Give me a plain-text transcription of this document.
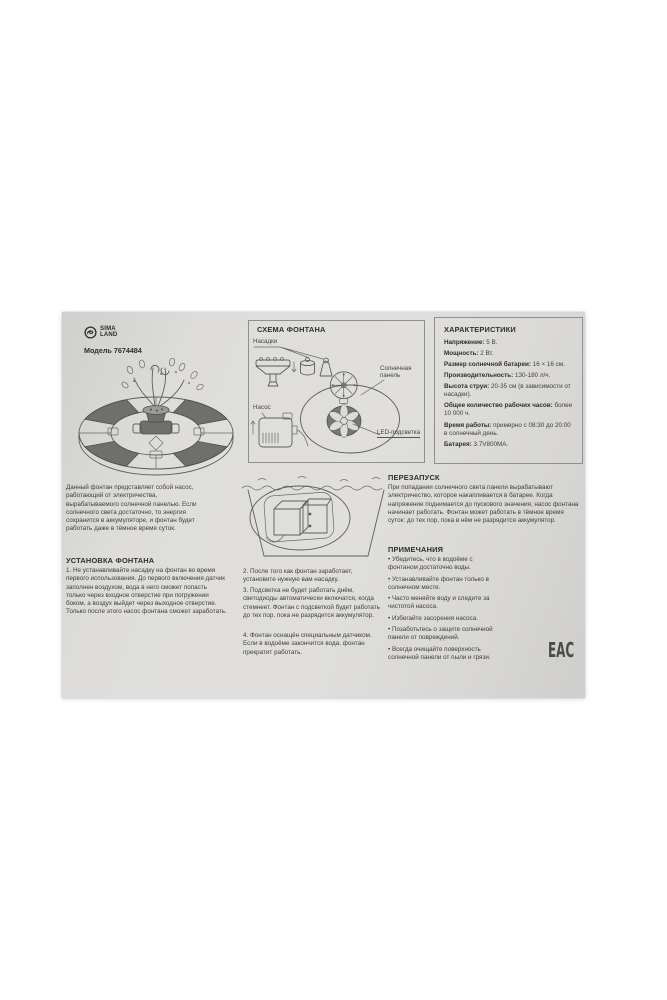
SIMA
LAND
Модель 7674484
СХЕМА ФОНТАНА
Насадки
Солнечная панель
Насос
LED-подсветка
ХАРАКТЕРИСТИКИ
Напряжение: 5 В.
Мощность: 2 Вт.
Размер солнечной батареи: 16 × 16 см.
Производительность: 130-180 л/ч.
Высота струи: 20-35 см (в зависимости от насадки).
Общее количество рабочих часов: более 10 000 ч.
Время работы: примерно с 08:30 до 20:00 в солнечный день.
Батарея: 3.7V800MA.
Данный фонтан представляет собой насос, работающий от электричества, вырабатываемого солнечной панелью. Если солнечного света достаточно, то энергия сохранится в аккумуляторе, и фонтан будет работать даже в тёмное время суток.
УСТАНОВКА ФОНТАНА
1. Не устанавливайте насадку на фонтан во время первого использования. До первого включения датчик заполнен воздухом, вода в него сможет попасть только через входное отверстие при погружении боком, а воздух выйдет через выходное отверстие. Только после этого насос фонтана сможет заработать.
2. После того как фонтан заработает, установите нужную вам насадку.
3. Подсветка не будет работать днём, светодиоды автоматически включатся, когда стемнеет. Фонтан с подсветкой будет работать до тех пор, пока не разрядится аккумулятор.
4. Фонтан оснащён специальным датчиком. Если в водоёме закончится вода, фонтан прекратит работать.
ПЕРЕЗАПУСК
При попадании солнечного света панели вырабатывают электричество, которое накапливается в батарее. Когда напряжение поднимается до пускового значения, насос фонтана начинает работать. Фонтан может работать в тёмное время суток: до тех пор, пока в нём не разрядится аккумулятор.
ПРИМЕЧАНИЯ
• Убедитесь, что в водоёме с фонтаном достаточно воды.
• Устанавливайте фонтан только в солнечном месте.
• Часто меняйте воду и следите за чистотой насоса.
• Избегайте засорения насоса.
• Позаботьтесь о защите солнечной панели от повреждений.
• Всегда очищайте поверхность солнечной панели от пыли и грязи.	EAC
